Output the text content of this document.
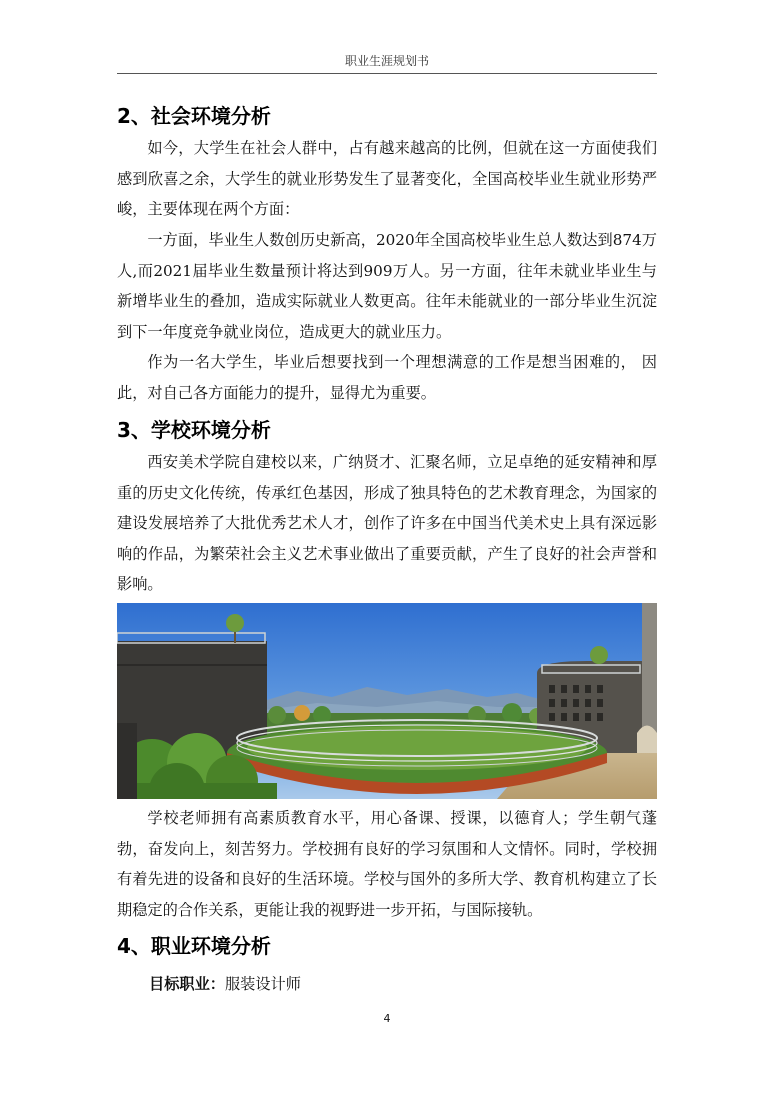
职业生涯规划书
2、社会环境分析

如今，大学生在社会人群中，占有越来越高的比例，但就在这一方面使我们感到欣喜之余，大学生的就业形势发生了显著变化，全国高校毕业生就业形势严峻，主要体现在两个方面：

一方面，毕业生人数创历史新高，2020年全国高校毕业生总人数达到874万人,而2021届毕业生数量预计将达到909万人。另一方面，往年未就业毕业生与新增毕业生的叠加，造成实际就业人数更高。往年未能就业的一部分毕业生沉淀到下一年度竞争就业岗位，造成更大的就业压力。

作为一名大学生，毕业后想要找到一个理想满意的工作是想当困难的， 因此，对自己各方面能力的提升，显得尤为重要。

3、学校环境分析

西安美术学院自建校以来，广纳贤才、汇聚名师，立足卓绝的延安精神和厚重的历史文化传统，传承红色基因，形成了独具特色的艺术教育理念，为国家的建设发展培养了大批优秀艺术人才，创作了许多在中国当代美术史上具有深远影响的作品，为繁荣社会主义艺术事业做出了重要贡献，产生了良好的社会声誉和影响。

学校老师拥有高素质教育水平，用心备课、授课，以德育人；学生朝气蓬勃，奋发向上，刻苦努力。学校拥有良好的学习氛围和人文情怀。同时，学校拥有着先进的设备和良好的生活环境。学校与国外的多所大学、教育机构建立了长期稳定的合作关系，更能让我的视野进一步开拓，与国际接轨。

4、职业环境分析
目标职业：服装设计师
4
